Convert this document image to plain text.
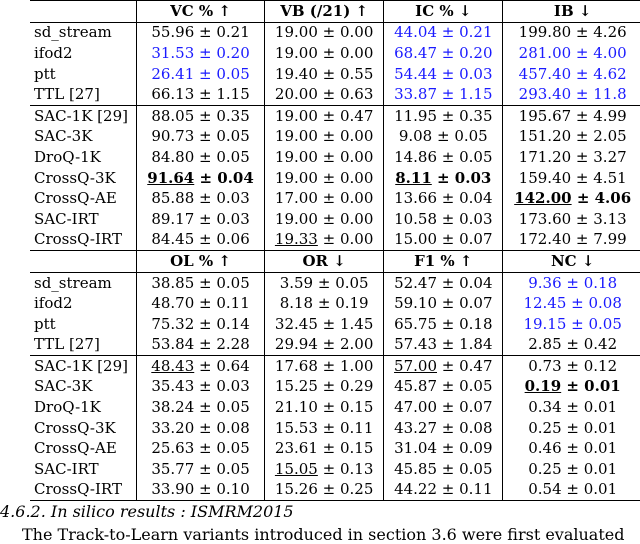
	VC % ↑	VB (/21) ↑	IC % ↓	IB ↓
sd_stream	55.96 ± 0.21	19.00 ± 0.00	44.04 ± 0.21	199.80 ± 4.26
ifod2	31.53 ± 0.20	19.00 ± 0.00	68.47 ± 0.20	281.00 ± 4.00
ptt	26.41 ± 0.05	19.40 ± 0.55	54.44 ± 0.03	457.40 ± 4.62
TTL [27]	66.13 ± 1.15	20.00 ± 0.63	33.87 ± 1.15	293.40 ± 11.8
SAC-1K [29]	88.05 ± 0.35	19.00 ± 0.47	11.95 ± 0.35	195.67 ± 4.99
SAC-3K	90.73 ± 0.05	19.00 ± 0.00	9.08 ± 0.05	151.20 ± 2.05
DroQ-1K	84.80 ± 0.05	19.00 ± 0.00	14.86 ± 0.05	171.20 ± 3.27
CrossQ-3K	91.64 ± 0.04	19.00 ± 0.00	8.11 ± 0.03	159.40 ± 4.51
CrossQ-AE	85.88 ± 0.03	17.00 ± 0.00	13.66 ± 0.04	142.00 ± 4.06
SAC-IRT	89.17 ± 0.03	19.00 ± 0.00	10.58 ± 0.03	173.60 ± 3.13
CrossQ-IRT	84.45 ± 0.06	19.33 ± 0.00	15.00 ± 0.07	172.40 ± 7.99
	OL % ↑	OR ↓	F1 % ↑	NC ↓
sd_stream	38.85 ± 0.05	3.59 ± 0.05	52.47 ± 0.04	9.36 ± 0.18
ifod2	48.70 ± 0.11	8.18 ± 0.19	59.10 ± 0.07	12.45 ± 0.08
ptt	75.32 ± 0.14	32.45 ± 1.45	65.75 ± 0.18	19.15 ± 0.05
TTL [27]	53.84 ± 2.28	29.94 ± 2.00	57.43 ± 1.84	2.85 ± 0.42
SAC-1K [29]	48.43 ± 0.64	17.68 ± 1.00	57.00 ± 0.47	0.73 ± 0.12
SAC-3K	35.43 ± 0.03	15.25 ± 0.29	45.87 ± 0.05	0.19 ± 0.01
DroQ-1K	38.24 ± 0.05	21.10 ± 0.15	47.00 ± 0.07	0.34 ± 0.01
CrossQ-3K	33.20 ± 0.08	15.53 ± 0.11	43.27 ± 0.08	0.25 ± 0.01
CrossQ-AE	25.63 ± 0.05	23.61 ± 0.15	31.04 ± 0.09	0.46 ± 0.01
SAC-IRT	35.77 ± 0.05	15.05 ± 0.13	45.85 ± 0.05	0.25 ± 0.01
CrossQ-IRT	33.90 ± 0.10	15.26 ± 0.25	44.22 ± 0.11	0.54 ± 0.01
4.6.2. In silico results : ISMRM2015
The Track-to-Learn variants introduced in section 3.6 were first evaluated
